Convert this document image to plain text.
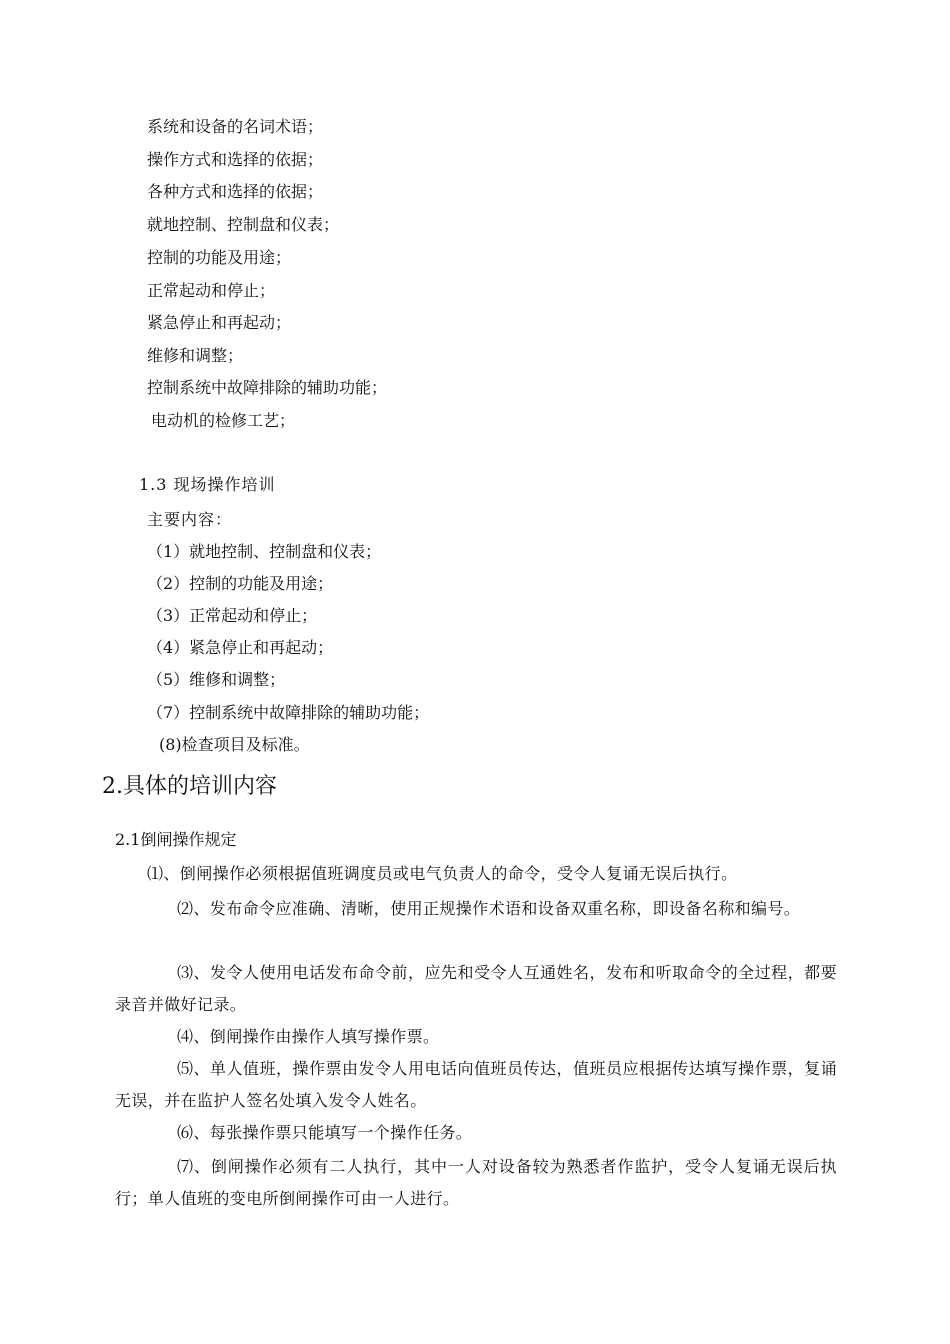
系统和设备的名词术语；
操作方式和选择的依据；
各种方式和选择的依据；
就地控制、控制盘和仪表；
控制的功能及用途；
正常起动和停止；
紧急停止和再起动；
维修和调整；
控制系统中故障排除的辅助功能；
电动机的检修工艺；
1.3 现场操作培训
主要内容：
（1）就地控制、控制盘和仪表；
（2）控制的功能及用途；
（3）正常起动和停止；
（4）紧急停止和再起动；
（5）维修和调整；
（7）控制系统中故障排除的辅助功能；
(8)检查项目及标准。
2.具体的培训内容
2.1倒闸操作规定
⑴、倒闸操作必须根据值班调度员或电气负责人的命令，受令人复诵无误后执行。
⑵、发布命令应准确、清晰，使用正规操作术语和设备双重名称，即设备名称和编号。
⑶、发令人使用电话发布命令前，应先和受令人互通姓名，发布和听取命令的全过程，都要录音并做好记录。
⑷、倒闸操作由操作人填写操作票。
⑸、单人值班，操作票由发令人用电话向值班员传达，值班员应根据传达填写操作票，复诵无误，并在监护人签名处填入发令人姓名。
⑹、每张操作票只能填写一个操作任务。
⑺、倒闸操作必须有二人执行，其中一人对设备较为熟悉者作监护，受令人复诵无误后执行；单人值班的变电所倒闸操作可由一人进行。
